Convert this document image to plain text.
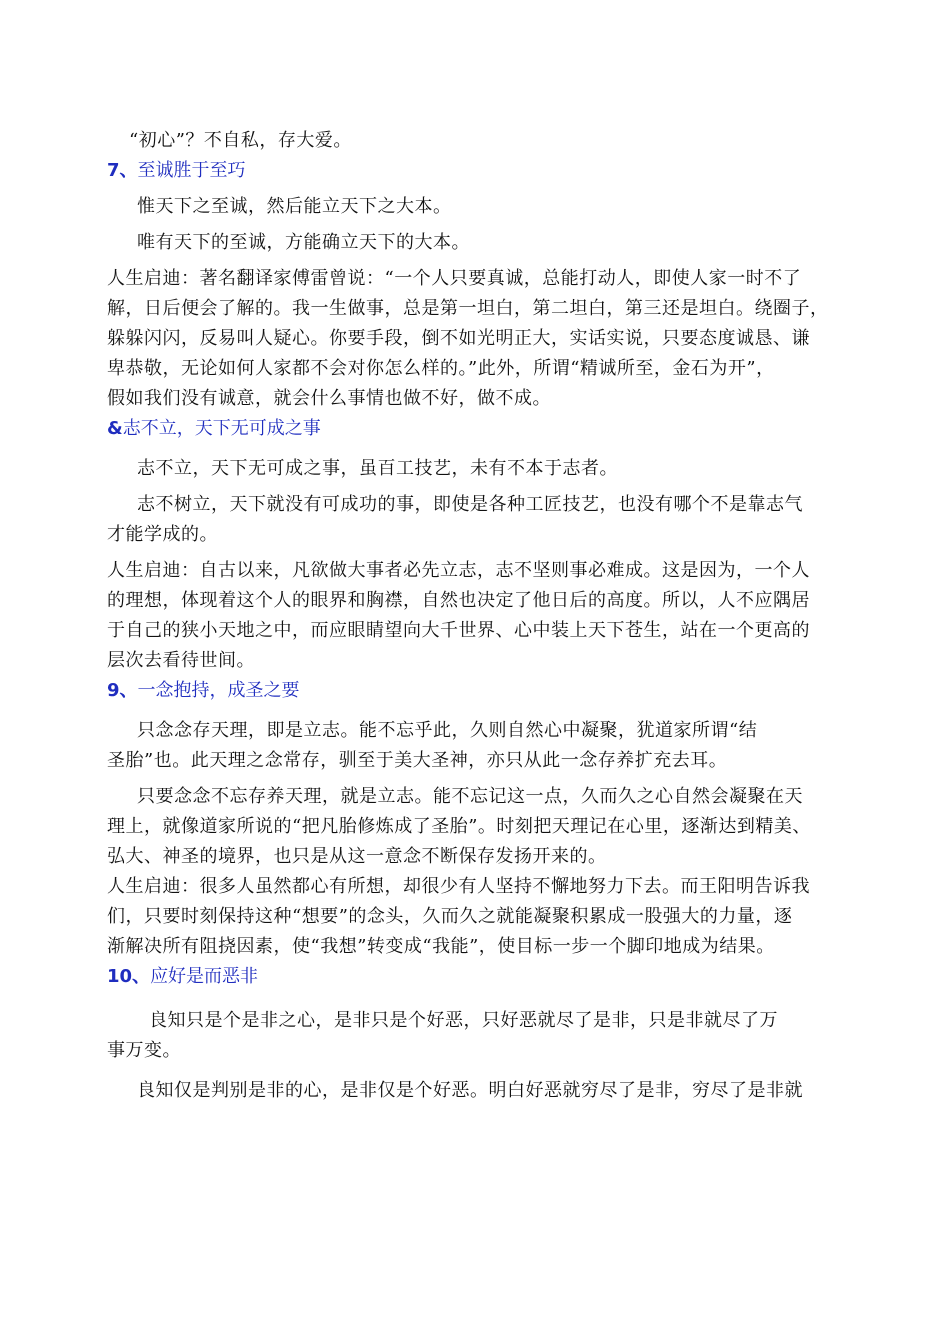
“初心”？不自私，存大爱。
7、至诚胜于至巧
惟天下之至诚，然后能立天下之大本。
唯有天下的至诚，方能确立天下的大本。
人生启迪：著名翻译家傅雷曾说：“一个人只要真诚，总能打动人，即使人家一时不了
解，日后便会了解的。我一生做事，总是第一坦白，第二坦白，第三还是坦白。绕圈子，
躲躲闪闪，反易叫人疑心。你要手段，倒不如光明正大，实话实说，只要态度诚恳、谦
卑恭敬，无论如何人家都不会对你怎么样的。”此外，所谓“精诚所至，金石为开”，
假如我们没有诚意，就会什么事情也做不好，做不成。
&志不立，天下无可成之事
志不立，天下无可成之事，虽百工技艺，未有不本于志者。
志不树立，天下就没有可成功的事，即使是各种工匠技艺，也没有哪个不是靠志气
才能学成的。
人生启迪：自古以来，凡欲做大事者必先立志，志不坚则事必难成。这是因为，一个人
的理想，体现着这个人的眼界和胸襟，自然也决定了他日后的高度。所以，人不应隅居
于自己的狭小天地之中，而应眼睛望向大千世界、心中装上天下苍生，站在一个更高的
层次去看待世间。
9、一念抱持，成圣之要
只念念存天理，即是立志。能不忘乎此，久则自然心中凝聚，犹道家所谓“结
圣胎”也。此天理之念常存，驯至于美大圣神，亦只从此一念存养扩充去耳。
只要念念不忘存养天理，就是立志。能不忘记这一点，久而久之心自然会凝聚在天
理上，就像道家所说的“把凡胎修炼成了圣胎”。时刻把天理记在心里，逐渐达到精美、
弘大、神圣的境界，也只是从这一意念不断保存发扬开来的。
人生启迪：很多人虽然都心有所想，却很少有人坚持不懈地努力下去。而王阳明告诉我
们，只要时刻保持这种“想要”的念头，久而久之就能凝聚积累成一股强大的力量，逐
渐解决所有阻挠因素，使“我想”转变成“我能”，使目标一步一个脚印地成为结果。
10、应好是而恶非
良知只是个是非之心，是非只是个好恶，只好恶就尽了是非，只是非就尽了万
事万变。
良知仅是判别是非的心，是非仅是个好恶。明白好恶就穷尽了是非，穷尽了是非就
